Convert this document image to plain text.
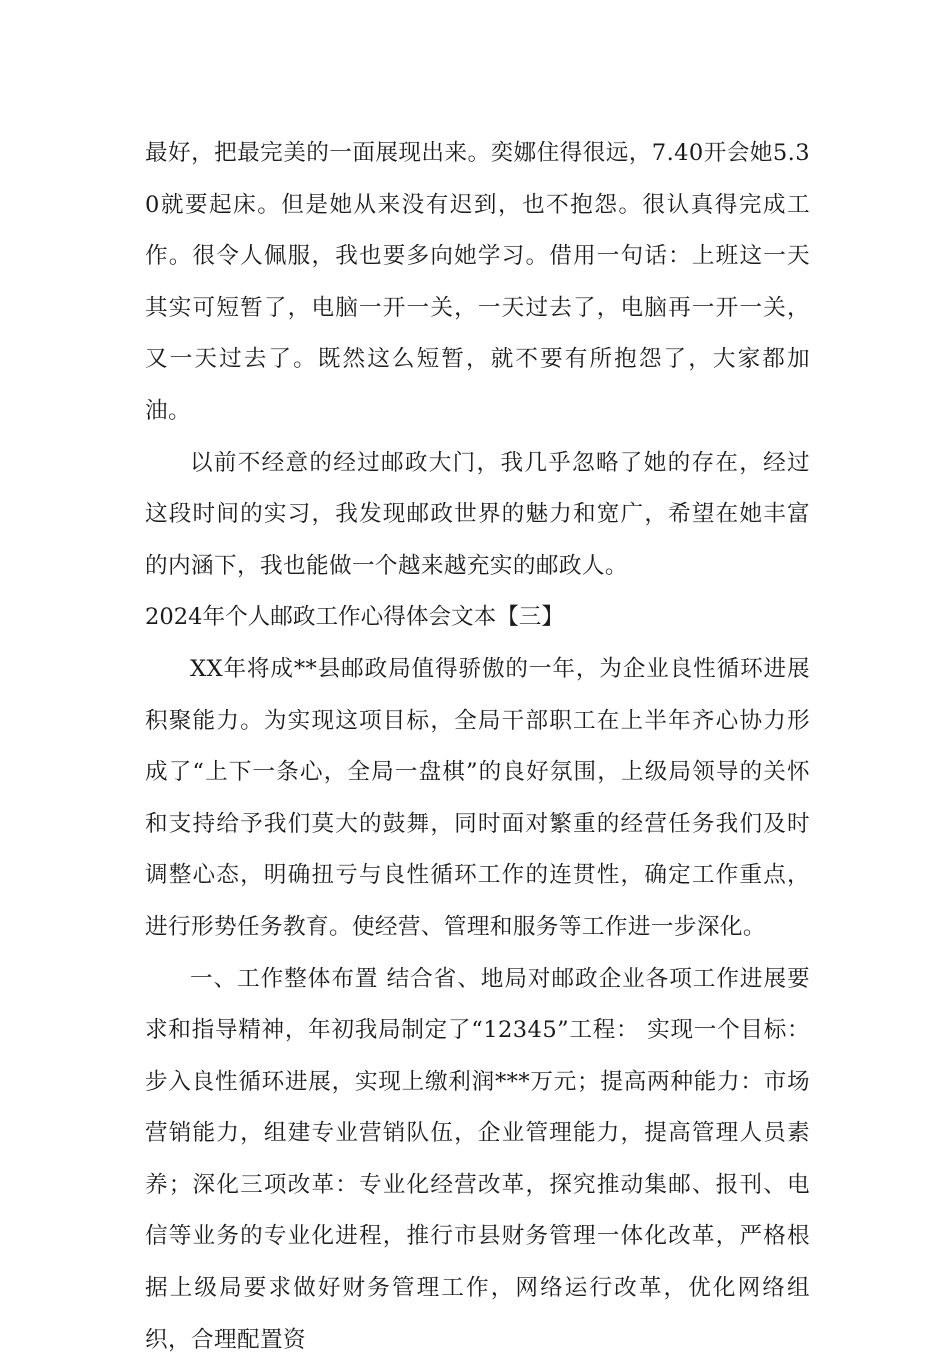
最好，把最完美的一面展现出来。奕娜住得很远，7.40开会她5.30就要起床。但是她从来没有迟到，也不抱怨。很认真得完成工作。很令人佩服，我也要多向她学习。借用一句话：上班这一天其实可短暂了，电脑一开一关，一天过去了，电脑再一开一关，又一天过去了。既然这么短暂，就不要有所抱怨了，大家都加油。

以前不经意的经过邮政大门，我几乎忽略了她的存在，经过这段时间的实习，我发现邮政世界的魅力和宽广，希望在她丰富的内涵下，我也能做一个越来越充实的邮政人。

2024年个人邮政工作心得体会文本【三】

XX年将成**县邮政局值得骄傲的一年，为企业良性循环进展积聚能力。为实现这项目标，全局干部职工在上半年齐心协力形成了“上下一条心，全局一盘棋”的良好氛围，上级局领导的关怀和支持给予我们莫大的鼓舞，同时面对繁重的经营任务我们及时调整心态，明确扭亏与良性循环工作的连贯性，确定工作重点，进行形势任务教育。使经营、管理和服务等工作进一步深化。

一、工作整体布置 结合省、地局对邮政企业各项工作进展要求和指导精神，年初我局制定了“12345”工程： 实现一个目标：步入良性循环进展，实现上缴利润***万元；提高两种能力：市场营销能力，组建专业营销队伍，企业管理能力，提高管理人员素养；深化三项改革：专业化经营改革，探究推动集邮、报刊、电信等业务的专业化进程，推行市县财务管理一体化改革，严格根据上级局要求做好财务管理工作，网络运行改革，优化网络组织，合理配置资
